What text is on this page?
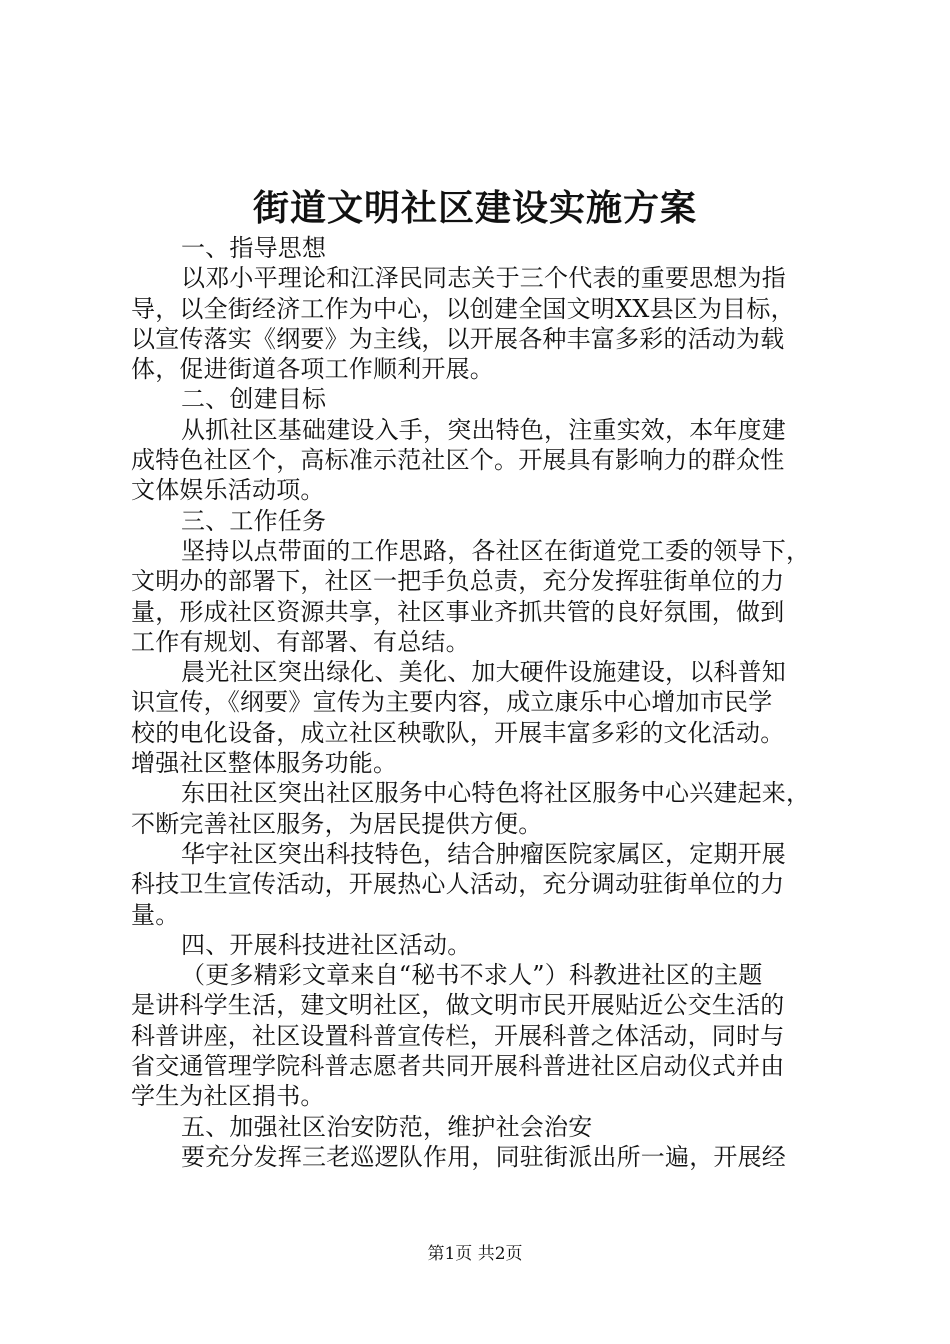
街道文明社区建设实施方案
一、指导思想
以邓小平理论和江泽民同志关于三个代表的重要思想为指
导，以全街经济工作为中心，以创建全国文明XX县区为目标，
以宣传落实《纲要》为主线，以开展各种丰富多彩的活动为载
体，促进街道各项工作顺利开展。
二、创建目标
从抓社区基础建设入手，突出特色，注重实效，本年度建
成特色社区个，高标准示范社区个。开展具有影响力的群众性
文体娱乐活动项。
三、工作任务
坚持以点带面的工作思路，各社区在街道党工委的领导下，
文明办的部署下，社区一把手负总责，充分发挥驻街单位的力
量，形成社区资源共享，社区事业齐抓共管的良好氛围，做到
工作有规划、有部署、有总结。
晨光社区突出绿化、美化、加大硬件设施建设，以科普知
识宣传，《纲要》宣传为主要内容，成立康乐中心增加市民学
校的电化设备，成立社区秧歌队，开展丰富多彩的文化活动。
增强社区整体服务功能。
东田社区突出社区服务中心特色将社区服务中心兴建起来，
不断完善社区服务，为居民提供方便。
华宇社区突出科技特色，结合肿瘤医院家属区，定期开展
科技卫生宣传活动，开展热心人活动，充分调动驻街单位的力
量。
四、开展科技进社区活动。
（更多精彩文章来自“秘书不求人”）科教进社区的主题
是讲科学生活，建文明社区，做文明市民开展贴近公交生活的
科普讲座，社区设置科普宣传栏，开展科普之体活动，同时与
省交通管理学院科普志愿者共同开展科普进社区启动仪式并由
学生为社区捐书。
五、加强社区治安防范，维护社会治安
要充分发挥三老巡逻队作用，同驻街派出所一遍，开展经
第1页 共2页
